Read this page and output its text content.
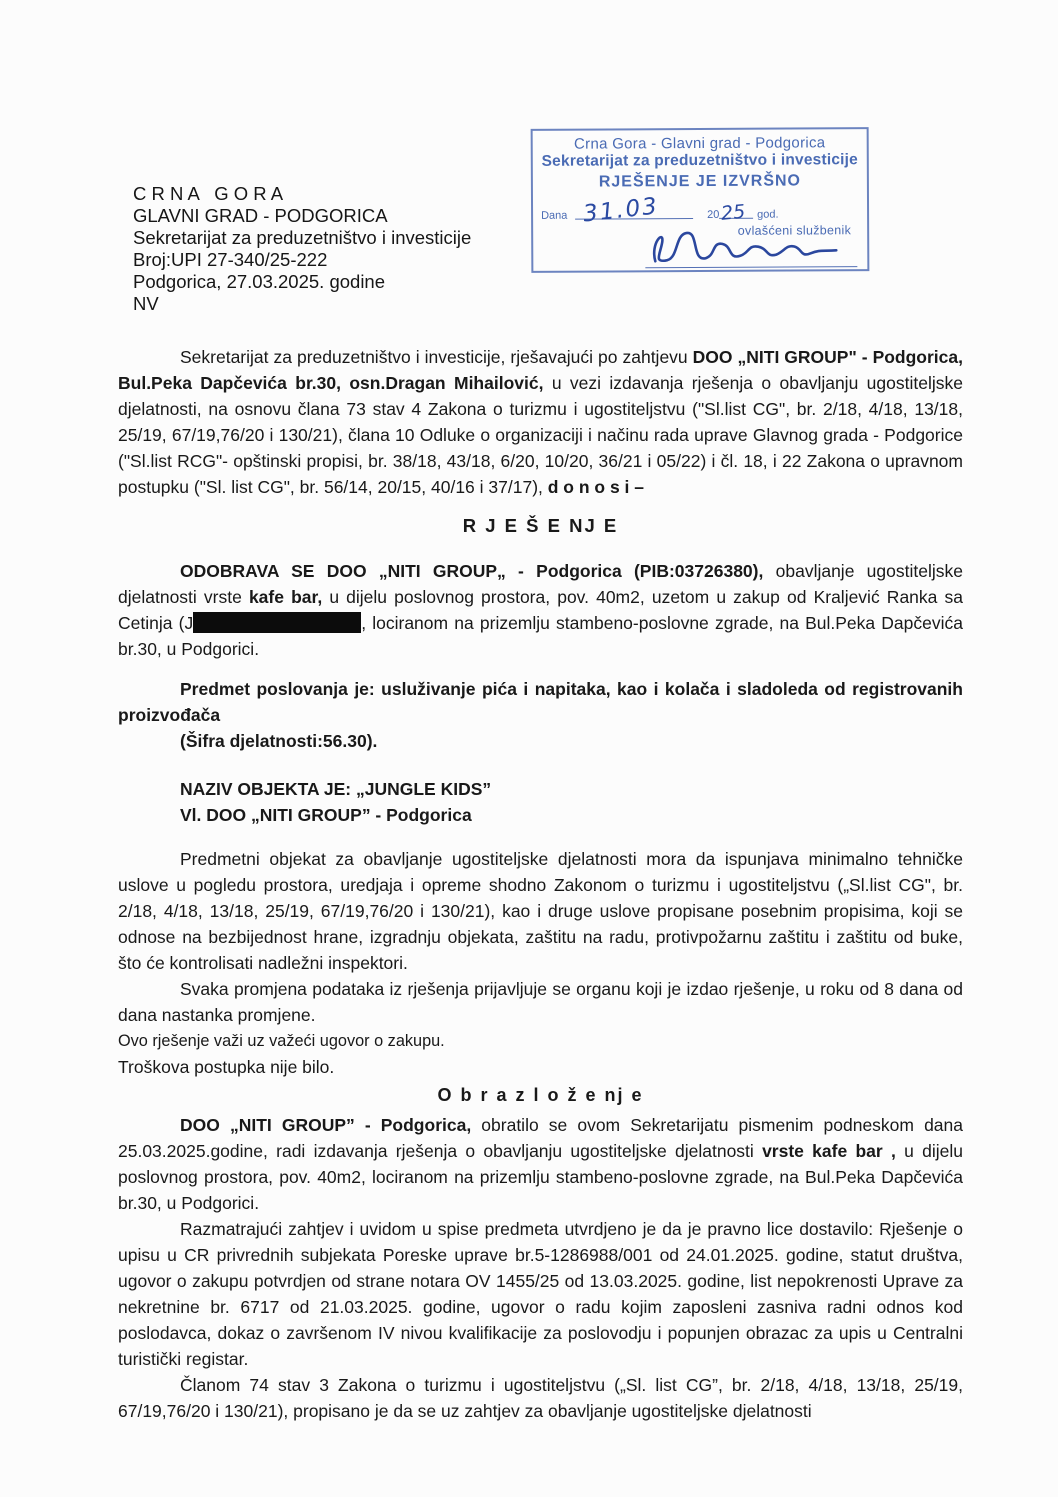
C R N A   G O R A
GLAVNI GRAD - PODGORICA
Sekretarijat za preduzetništvo i investicije
Broj:UPI 27-340/25-222
Podgorica, 27.03.2025. godine
NV
Crna Gora - Glavni grad - Podgorica
Sekretarijat za preduzetništvo i investicije
RJEŠENJE JE IZVRŠNO
Dana 31.03	20 25 god.
ovlašćeni službenik

Sekretarijat za preduzetništvo i investicije, rješavajući po zahtjevu DOO „NITI GROUP" - Podgorica, Bul.Peka Dapčevića br.30, osn.Dragan Mihailović, u vezi izdavanja rješenja o obavljanju ugostiteljske djelatnosti, na osnovu člana 73 stav 4 Zakona o turizmu i ugostiteljstvu ("Sl.list CG", br. 2/18, 4/18, 13/18, 25/19, 67/19,76/20 i 130/21), člana 10 Odluke o organizaciji i načinu rada uprave Glavnog grada - Podgorice ("Sl.list RCG"- opštinski propisi, br. 38/18, 43/18, 6/20, 10/20, 36/21 i 05/22) i čl. 18, i 22 Zakona o upravnom postupku ("Sl. list CG", br. 56/14, 20/15, 40/16 i 37/17), d o n o s i –

R J E Š E NJ E

ODOBRAVA SE DOO „NITI GROUP„ - Podgorica (PIB:03726380), obavljanje ugostiteljske djelatnosti vrste kafe bar, u dijelu poslovnog prostora, pov. 40m2, uzetom u zakup od Kraljević Ranka sa Cetinja (J	, lociranom na prizemlju stambeno-poslovne zgrade, na Bul.Peka Dapčevića br.30, u Podgorici.

Predmet poslovanja je: usluživanje pića i napitaka, kao i kolača i sladoleda od registrovanih proizvođača

(Šifra djelatnosti:56.30).

NAZIV OBJEKTA JE: „JUNGLE KIDS”

Vl. DOO „NITI GROUP” - Podgorica

Predmetni objekat za obavljanje ugostiteljske djelatnosti mora da ispunjava minimalno tehničke uslove u pogledu prostora, uredjaja i opreme shodno Zakonom o turizmu i ugostiteljstvu („Sl.list CG", br. 2/18, 4/18, 13/18, 25/19, 67/19,76/20 i 130/21), kao i druge uslove propisane posebnim propisima, koji se odnose na bezbijednost hrane, izgradnju objekata, zaštitu na radu, protivpožarnu zaštitu i zaštitu od buke, što će kontrolisati nadležni inspektori.

Svaka promjena podataka iz rješenja prijavljuje se organu koji je izdao rješenje, u roku od 8 dana od dana nastanka promjene.

Ovo rješenje važi uz važeći ugovor o zakupu.

Troškova postupka nije bilo.

O b r a z l o ž e nj e

DOO „NITI GROUP” - Podgorica, obratilo se ovom Sekretarijatu pismenim podneskom dana 25.03.2025.godine, radi izdavanja rješenja o obavljanju ugostiteljske djelatnosti vrste kafe bar , u dijelu poslovnog prostora, pov. 40m2, lociranom na prizemlju stambeno-poslovne zgrade, na Bul.Peka Dapčevića br.30, u Podgorici.

Razmatrajući zahtjev i uvidom u spise predmeta utvrdjeno je da je pravno lice dostavilo: Rješenje o upisu u CR privrednih subjekata Poreske uprave br.5-1286988/001 od 24.01.2025. godine, statut društva, ugovor o zakupu potvrdjen od strane notara OV 1455/25 od 13.03.2025. godine, list nepokrenosti Uprave za nekretnine br. 6717 od 21.03.2025. godine, ugovor o radu kojim zaposleni zasniva radni odnos kod poslodavca, dokaz o završenom IV nivou kvalifikacije za poslovodju i popunjen obrazac za upis u Centralni turistički registar.

Članom 74 stav 3 Zakona o turizmu i ugostiteljstvu („Sl. list CG”, br. 2/18, 4/18, 13/18, 25/19, 67/19,76/20 i 130/21), propisano je da se uz zahtjev za obavljanje ugostiteljske djelatnosti
